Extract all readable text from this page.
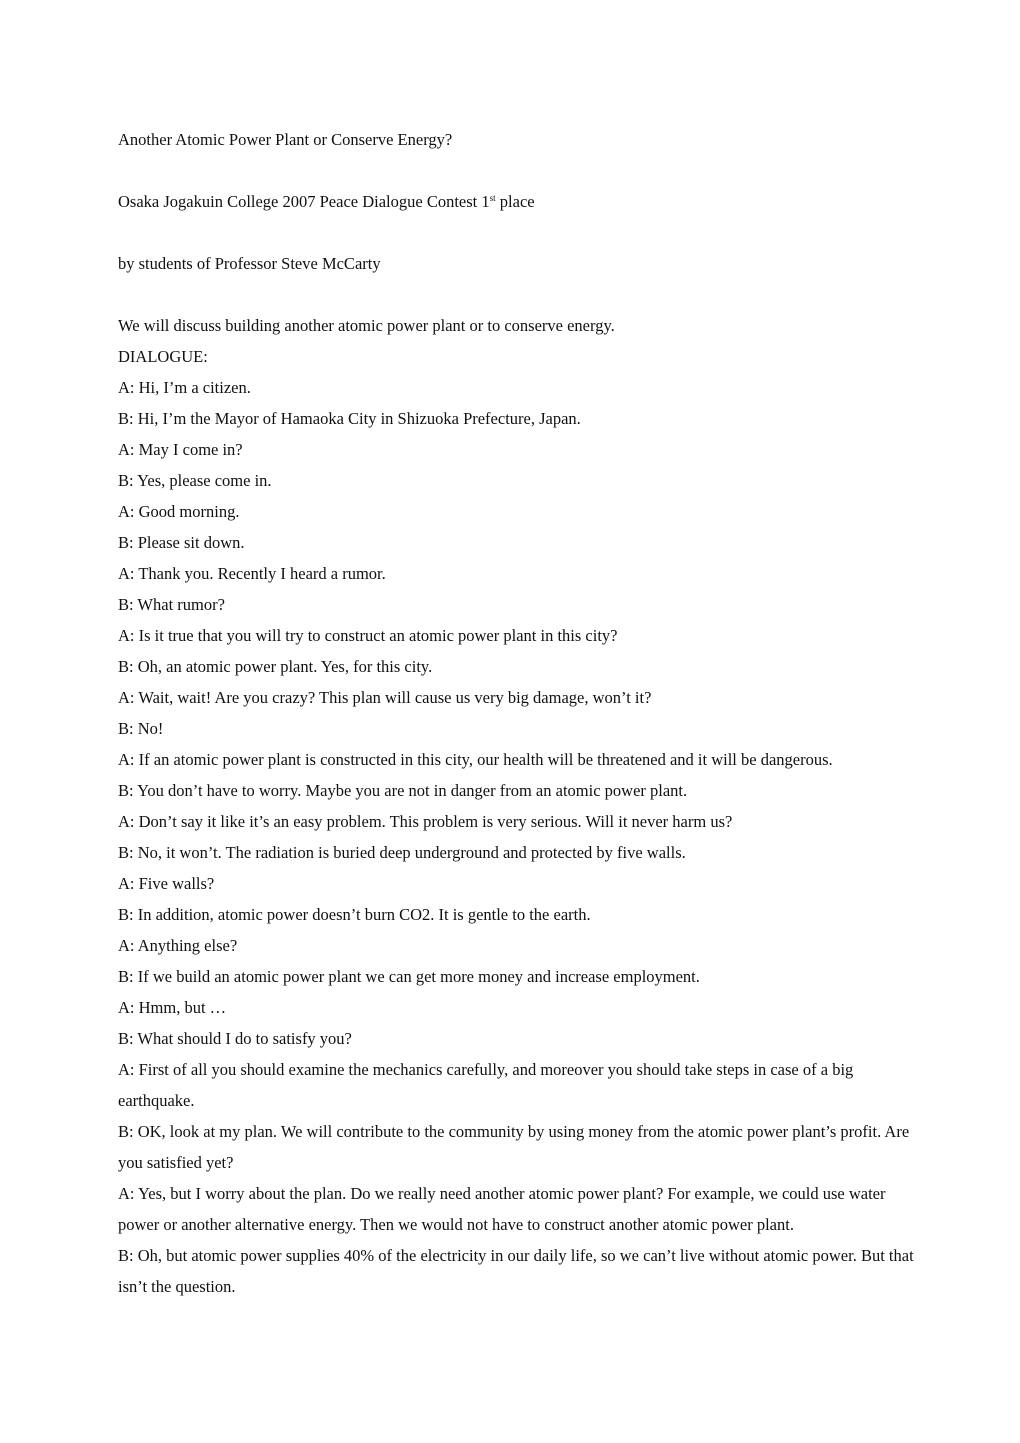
Another Atomic Power Plant or Conserve Energy?

Osaka Jogakuin College 2007 Peace Dialogue Contest 1st place

by students of Professor Steve McCarty

We will discuss building another atomic power plant or to conserve energy.

DIALOGUE:

A: Hi, I’m a citizen.

B: Hi, I’m the Mayor of Hamaoka City in Shizuoka Prefecture, Japan.

A: May I come in?

B: Yes, please come in.

A: Good morning.

B: Please sit down.

A: Thank you. Recently I heard a rumor.

B: What rumor?

A: Is it true that you will try to construct an atomic power plant in this city?

B: Oh, an atomic power plant. Yes, for this city.

A: Wait, wait! Are you crazy? This plan will cause us very big damage, won’t it?

B: No!

A: If an atomic power plant is constructed in this city, our health will be threatened and it will be dangerous.

B: You don’t have to worry. Maybe you are not in danger from an atomic power plant.

A: Don’t say it like it’s an easy problem. This problem is very serious. Will it never harm us?

B: No, it won’t. The radiation is buried deep underground and protected by five walls.

A: Five walls?

B: In addition, atomic power doesn’t burn CO2. It is gentle to the earth.

A: Anything else?

B: If we build an atomic power plant we can get more money and increase employment.

A: Hmm, but …

B: What should I do to satisfy you?

A: First of all you should examine the mechanics carefully, and moreover you should take steps in case of a big earthquake.

B: OK, look at my plan. We will contribute to the community by using money from the atomic power plant’s profit. Are you satisfied yet?

A: Yes, but I worry about the plan. Do we really need another atomic power plant? For example, we could use water power or another alternative energy. Then we would not have to construct another atomic power plant.

B: Oh, but atomic power supplies 40% of the electricity in our daily life, so we can’t live without atomic power. But that isn’t the question.
